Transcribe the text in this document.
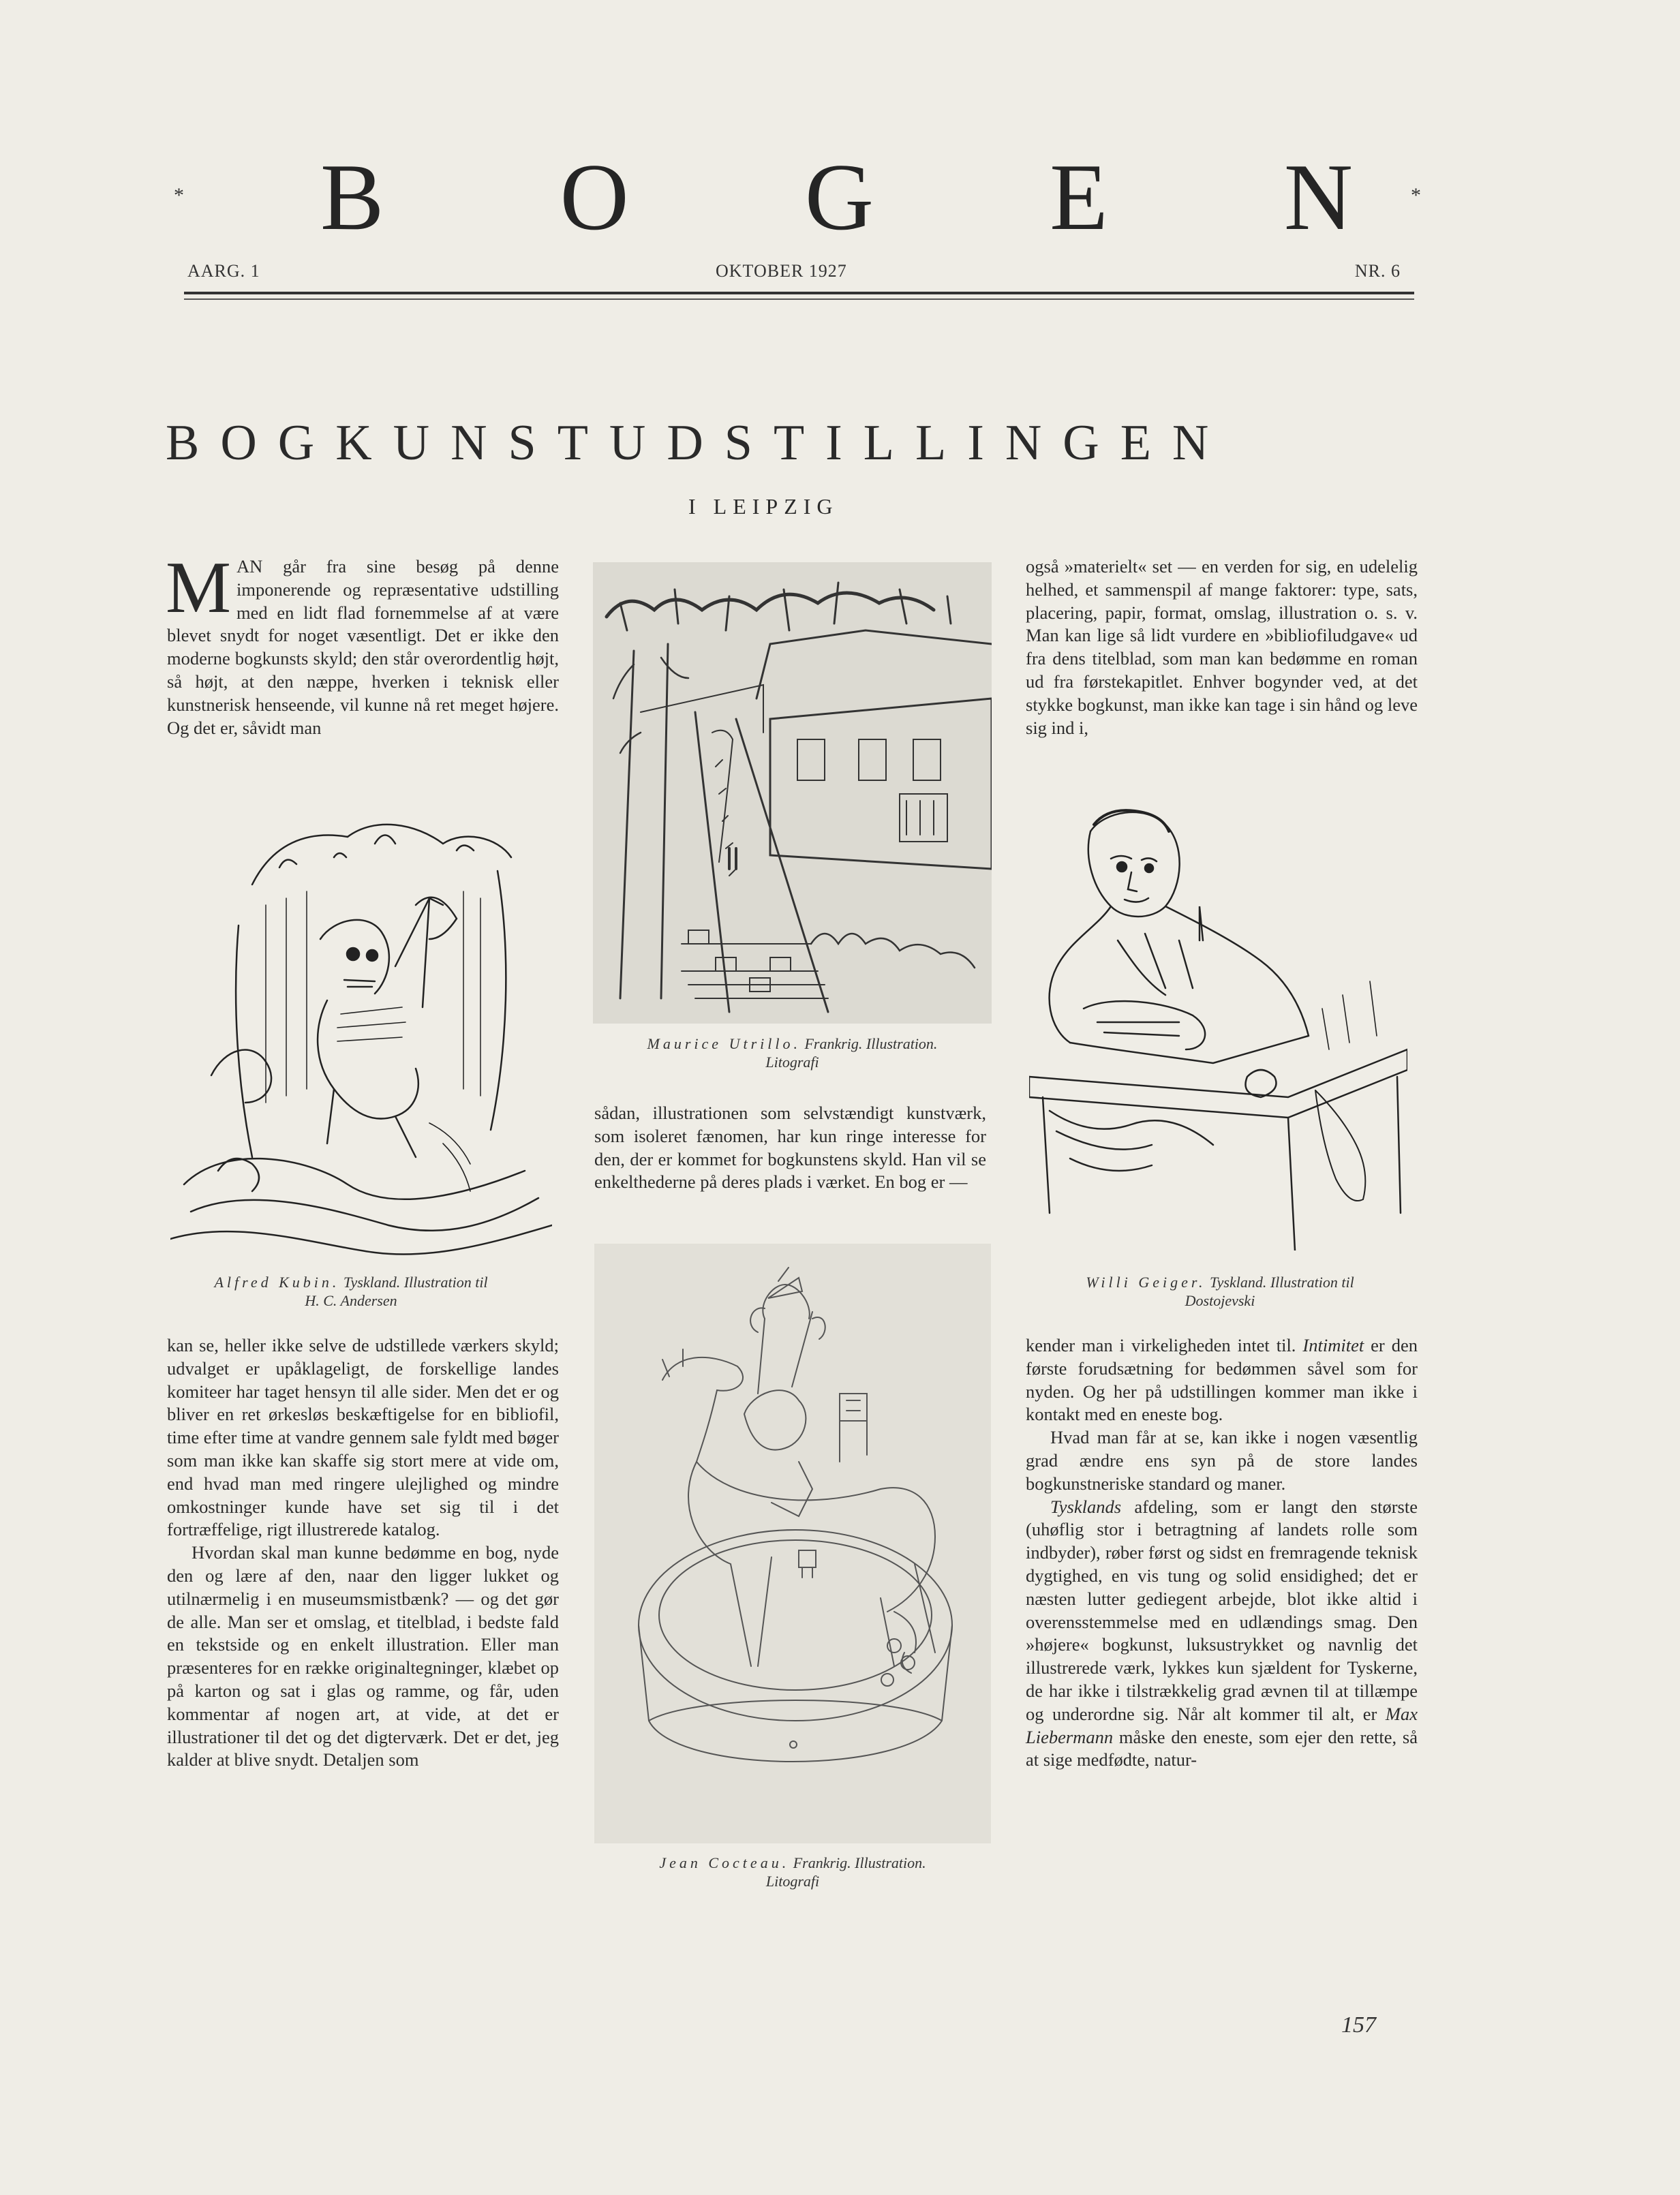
* B O G E N	*
AARG. 1	OKTOBER 1927	NR. 6
BOGKUNSTUDSTILLINGEN
I LEIPZIG

MAN går fra sine besøg på denne imponerende og repræsentative udstilling med en lidt flad fornemmelse af at være blevet snydt for noget væsentligt. Det er ikke den moderne bogkunsts skyld; den står overordentlig højt, så højt, at den næppe, hverken i teknisk eller kunstnerisk henseende, vil kunne nå ret meget højere. Og det er, såvidt man

Alfred Kubin. Tyskland. Illustration til
H. C. Andersen

kan se, heller ikke selve de udstillede værkers skyld; udvalget er upåklageligt, de forskellige landes komiteer har taget hensyn til alle sider. Men det er og bliver en ret ørkesløs beskæftigelse for en bibliofil, time efter time at vandre gennem sale fyldt med bøger som man ikke kan skaffe sig stort mere at vide om, end hvad man med ringere ulejlighed og mindre omkostninger kunde have set sig til i det fortræffelige, rigt illustrerede katalog.

Hvordan skal man kunne bedømme en bog, nyde den og lære af den, naar den ligger lukket og utilnærmelig i en museumsmistbænk? — og det gør de alle. Man ser et omslag, et titelblad, i bedste fald en tekstside og en enkelt illustration. Eller man præsenteres for en række originaltegninger, klæbet op på karton og sat i glas og ramme, og får, uden kommentar af nogen art, at vide, at det er illustrationer til det og det digterværk. Det er det, jeg kalder at blive snydt. Detaljen som

Maurice Utrillo. Frankrig. Illustration.
Litografi

sådan, illustrationen som selvstændigt kunstværk, som isoleret fænomen, har kun ringe interesse for den, der er kommet for bogkunstens skyld. Han vil se enkelthederne på deres plads i værket. En bog er —

Jean Cocteau. Frankrig. Illustration.
Litografi

også »materielt« set — en verden for sig, en udelelig helhed, et sammenspil af mange faktorer: type, sats, placering, papir, format, omslag, illustration o. s. v. Man kan lige så lidt vurdere en »bibliofiludgave« ud fra dens titelblad, som man kan bedømme en roman ud fra førstekapitlet. Enhver bogynder ved, at det stykke bogkunst, man ikke kan tage i sin hånd og leve sig ind i,

Willi Geiger. Tyskland. Illustration til
Dostojevski

kender man i virkeligheden intet til. Intimitet er den første forudsætning for bedømmen såvel som for nyden. Og her på udstillingen kommer man ikke i kontakt med en eneste bog.

Hvad man får at se, kan ikke i nogen væsentlig grad ændre ens syn på de store landes bogkunstneriske standard og maner.

Tysklands afdeling, som er langt den største (uhøflig stor i betragtning af landets rolle som indbyder), røber først og sidst en fremragende teknisk dygtighed, en vis tung og solid ensidighed; det er næsten lutter gediegent arbejde, blot ikke altid i overensstemmelse med en udlændings smag. Den »højere« bogkunst, luksustrykket og navnlig det illustrerede værk, lykkes kun sjældent for Tyskerne, de har ikke i tilstrækkelig grad ævnen til at tillæmpe og underordne sig. Når alt kommer til alt, er Max Liebermann måske den eneste, som ejer den rette, så at sige medfødte, natur-

157
